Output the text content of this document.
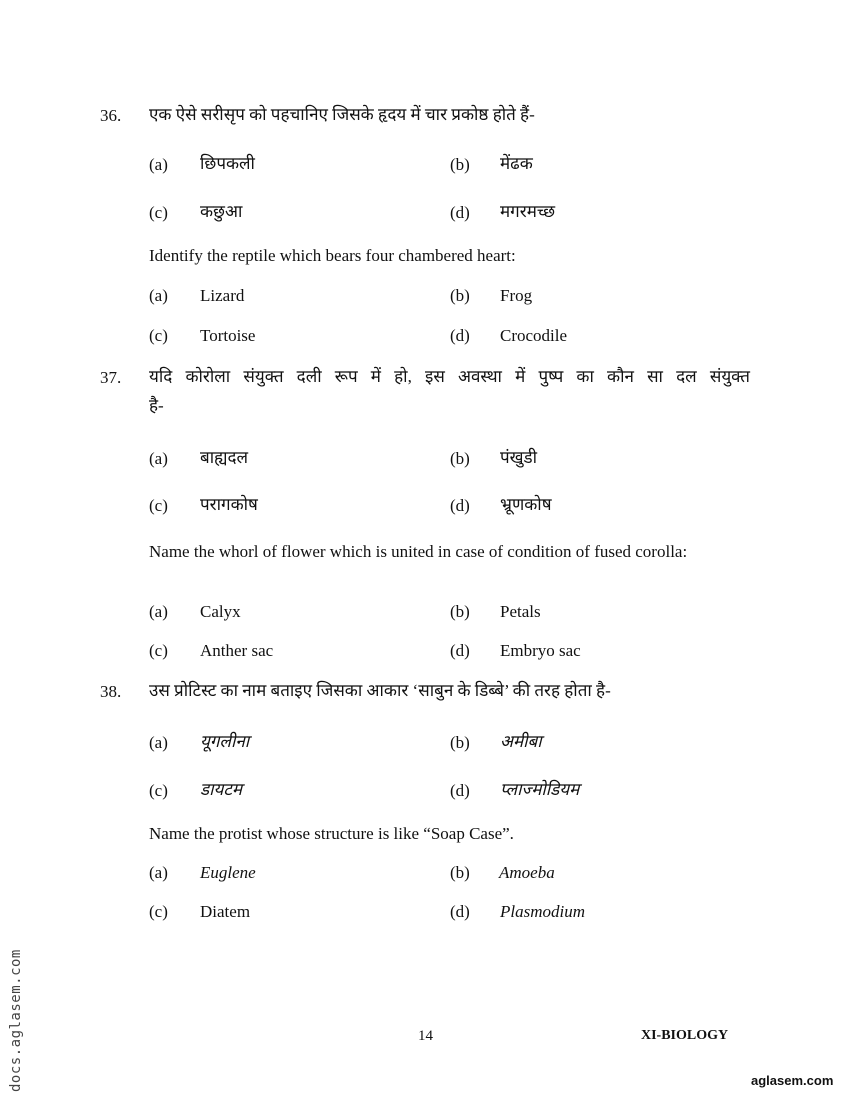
36. एक ऐसे सरीसृप को पहचानिए जिसके हृदय में चार प्रकोष्ठ होते हैं-
(a) छिपकली	(b) मेंढक
(c) कछुआ	(d) मगरमच्छ
Identify the reptile which bears four chambered heart:
(a) Lizard	(b) Frog
(c) Tortoise	(d) Crocodile
37. यदि कोरोला संयुक्त दली रूप में हो, इस अवस्था में पुष्प का कौन सा दल संयुक्त
है-
(a) बाह्यदल	(b) पंखुडी
(c) परागकोष	(d) भ्रूणकोष
Name the whorl of flower which is united in case of condition of fused corolla:
(a) Calyx	(b) Petals
(c) Anther sac	(d) Embryo sac
38. उस प्रोटिस्ट का नाम बताइए जिसका आकार ‘साबुन के डिब्बे’ की तरह होता है-
(a) यूगलीना	(b) अमीबा
(c) डायटम	(d) प्लाज्मोडियम
Name the protist whose structure is like “Soap Case”.
(a) Euglene	(b) Amoeba
(c) Diatem	(d) Plasmodium
14	XI-BIOLOGY
docs.aglasem.com	aglasem.com
